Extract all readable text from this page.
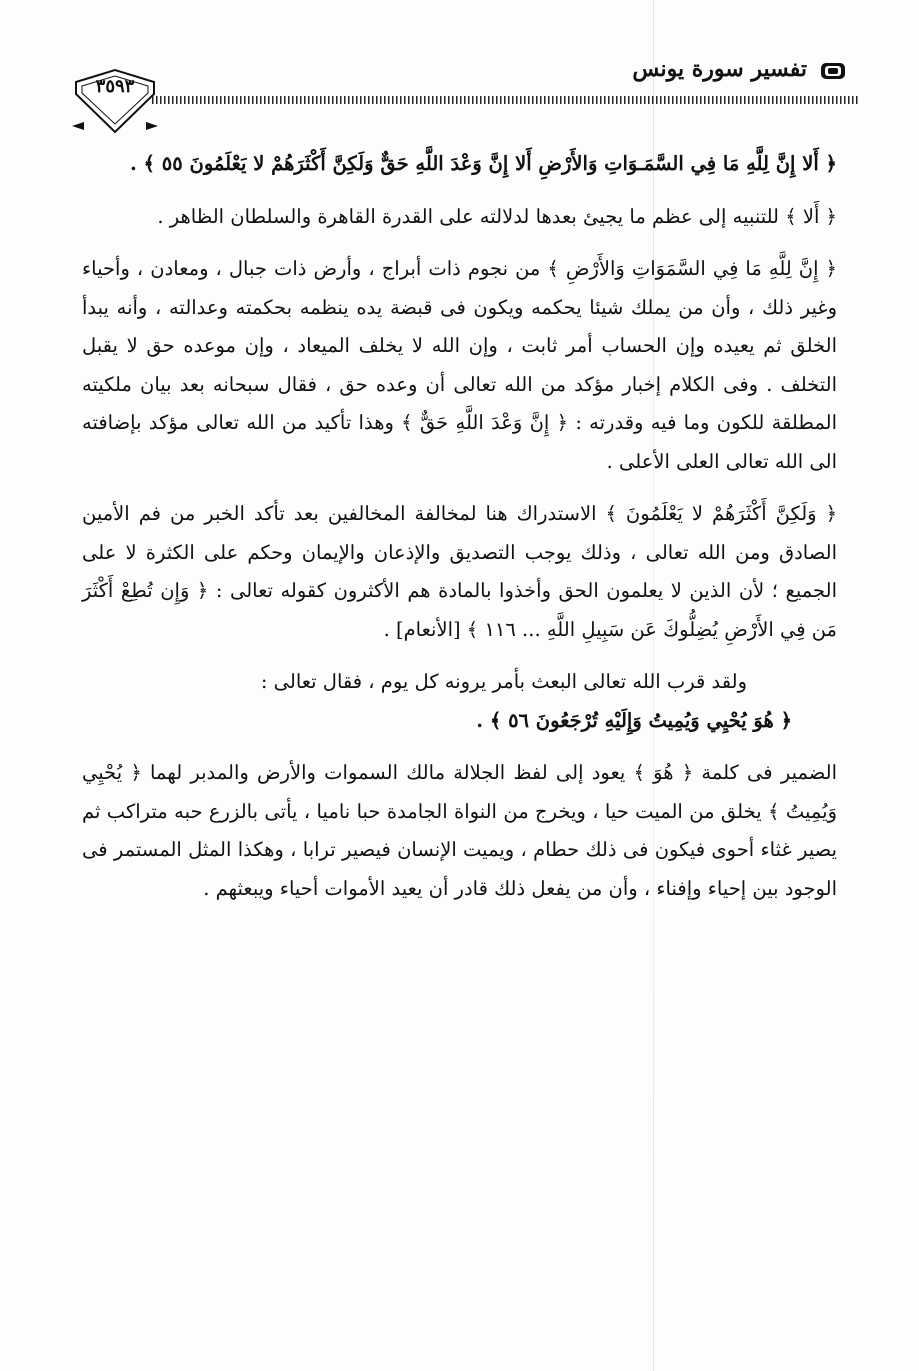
تفسير سورة يونس
٣٥٩٣

﴿ أَلا إِنَّ لِلَّهِ مَا فِي السَّمَـوَاتِ وَالأَرْضِ أَلا إِنَّ وَعْدَ اللَّهِ حَقٌّ وَلَكِنَّ أَكْثَرَهُمْ لا يَعْلَمُونَ ٥٥ ﴾ .

﴿ أَلا ﴾ للتنبيه إلى عظم ما يجيئ بعدها لدلالته على القدرة القاهرة والسلطان الظاهر .

﴿ إِنَّ لِلَّهِ مَا فِي السَّمَوَاتِ وَالأَرْضِ ﴾ من نجوم ذات أبراج ، وأرض ذات جبال ، ومعادن ، وأحياء وغير ذلك ، وأن من يملك شيئا يحكمه ويكون فى قبضة يده ينظمه بحكمته وعدالته ، وأنه يبدأ الخلق ثم يعيده وإن الحساب أمر ثابت ، وإن الله لا يخلف الميعاد ، وإن موعده حق لا يقبل التخلف . وفى الكلام إخبار مؤكد من الله تعالى أن وعده حق ، فقال سبحانه بعد بيان ملكيته المطلقة للكون وما فيه وقدرته : ﴿ إِنَّ وَعْدَ اللَّهِ حَقٌّ ﴾ وهذا تأكيد من الله تعالى مؤكد بإضافته الى الله تعالى العلى الأعلى .

﴿ وَلَكِنَّ أَكْثَرَهُمْ لا يَعْلَمُونَ ﴾ الاستدراك هنا لمخالفة المخالفين بعد تأكد الخبر من فم الأمين الصادق ومن الله تعالى ، وذلك يوجب التصديق والإذعان والإيمان وحكم على الكثرة لا على الجميع ؛ لأن الذين لا يعلمون الحق وأخذوا بالمادة هم الأكثرون كقوله تعالى : ﴿ وَإِن تُطِعْ أَكْثَرَ مَن فِي الأَرْضِ يُضِلُّوكَ عَن سَبِيلِ اللَّهِ ... ١١٦ ﴾ [الأنعام] .

ولقد قرب الله تعالى البعث بأمر يرونه كل يوم ، فقال تعالى :

﴿ هُوَ يُحْيِي وَيُمِيتُ وَإِلَيْهِ تُرْجَعُونَ ٥٦ ﴾ .

الضمير فى كلمة ﴿ هُوَ ﴾ يعود إلى لفظ الجلالة مالك السموات والأرض والمدبر لهما ﴿ يُحْيِي وَيُمِيتُ ﴾ يخلق من الميت حيا ، ويخرج من النواة الجامدة حبا ناميا ، يأتى بالزرع حبه متراكب ثم يصير غثاء أحوى فيكون فى ذلك حطام ، ويميت الإنسان فيصير ترابا ، وهكذا المثل المستمر فى الوجود بين إحياء وإفناء ، وأن من يفعل ذلك قادر أن يعيد الأموات أحياء ويبعثهم .
